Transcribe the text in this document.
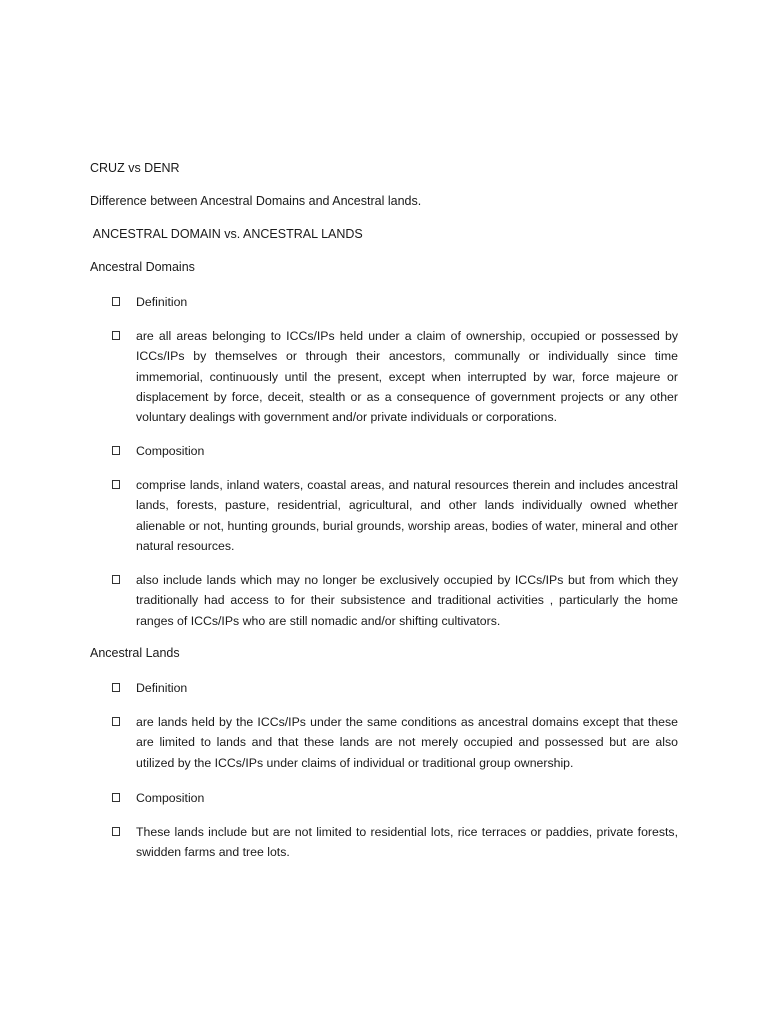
CRUZ vs DENR
Difference between Ancestral Domains and Ancestral lands.
ANCESTRAL DOMAIN vs. ANCESTRAL LANDS
Ancestral Domains
Definition
are all areas belonging to ICCs/IPs held under a claim of ownership, occupied or possessed by ICCs/IPs by themselves or through their ancestors, communally or individually since time immemorial, continuously until the present, except when interrupted by war, force majeure or displacement by force, deceit, stealth or as a consequence of government projects or any other voluntary dealings with government and/or private individuals or corporations.
Composition
comprise lands, inland waters, coastal areas, and natural resources therein and includes ancestral lands, forests, pasture, residentrial, agricultural, and other lands individually owned whether alienable or not, hunting grounds, burial grounds, worship areas, bodies of water, mineral and other natural resources.
also include lands which may no longer be exclusively occupied by ICCs/IPs but from which they traditionally had access to for their subsistence and traditional activities , particularly the home ranges of ICCs/IPs who are still nomadic and/or shifting cultivators.
Ancestral Lands
Definition
are lands held by the ICCs/IPs under the same conditions as ancestral domains except that these are limited to lands and that these lands are not merely occupied and possessed but are also utilized by the ICCs/IPs under claims of individual or traditional group ownership.
Composition
These lands include but are not limited to residential lots, rice terraces or paddies, private forests, swidden farms and tree lots.
